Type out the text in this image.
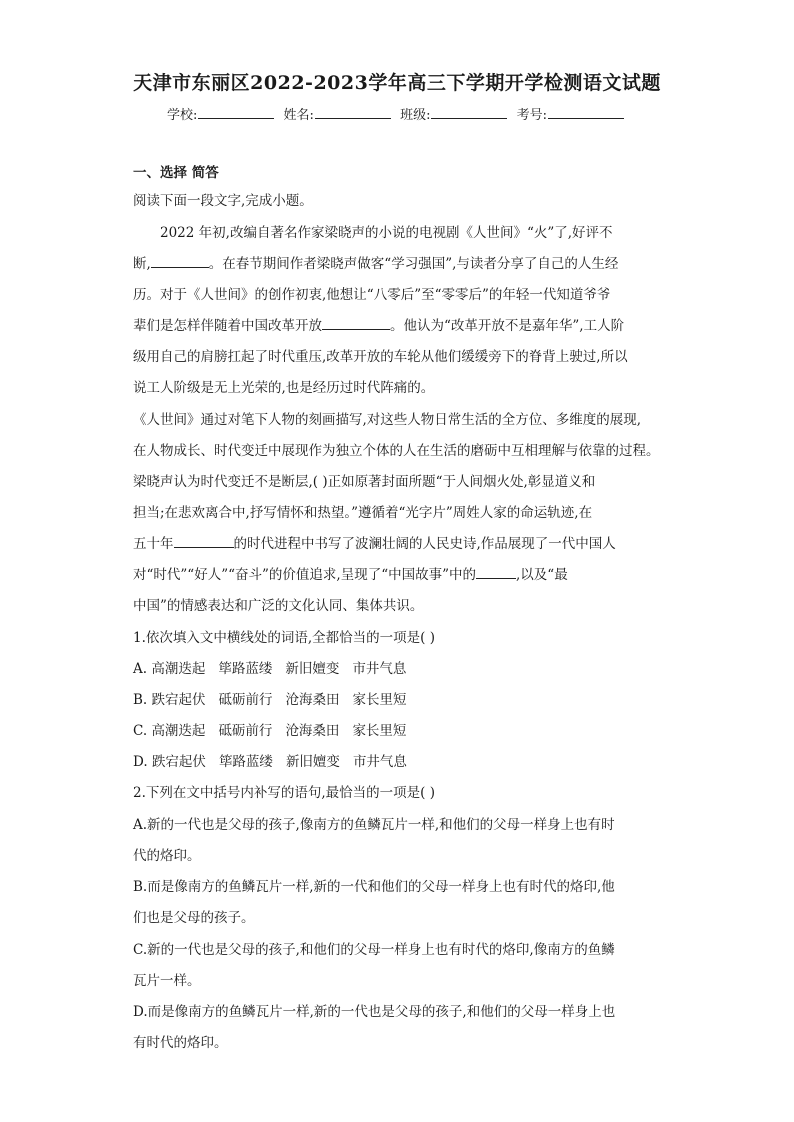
天津市东丽区2022-2023学年高三下学期开学检测语文试题
学校:	姓名:	班级:	考号:
一、选择 简答
阅读下面一段文字,完成小题。
2022 年初,改编自著名作家梁晓声的小说的电视剧《人世间》“火”了,好评不
断,	。在春节期间作者梁晓声做客“学习强国”,与读者分享了自己的人生经
历。对于《人世间》的创作初衷,他想让“八零后”至“零零后”的年轻一代知道爷爷
辈们是怎样伴随着中国改革开放	。他认为“改革开放不是嘉年华”,工人阶
级用自己的肩膀扛起了时代重压,改革开放的车轮从他们缓缓旁下的脊背上驶过,所以
说工人阶级是无上光荣的,也是经历过时代阵痛的。
《人世间》通过对笔下人物的刻画描写,对这些人物日常生活的全方位、多维度的展现,
在人物成长、时代变迁中展现作为独立个体的人在生活的磨砺中互相理解与依靠的过程。
梁晓声认为时代变迁不是断层,( )正如原著封面所题“于人间烟火处,彰显道义和
担当;在悲欢离合中,抒写情怀和热望。”遵循着“光字片”周姓人家的命运轨迹,在
五十年	的时代进程中书写了波澜壮阔的人民史诗,作品展现了一代中国人
对“时代”“好人”“奋斗”的价值追求,呈现了“中国故事”中的	,以及“最
中国”的情感表达和广泛的文化认同、集体共识。
1.依次填入文中横线处的词语,全都恰当的一项是( )
A. 高潮迭起 筚路蓝缕 新旧嬗变 市井气息
B. 跌宕起伏 砥砺前行 沧海桑田 家长里短
C. 高潮迭起 砥砺前行 沧海桑田 家长里短
D. 跌宕起伏 筚路蓝缕 新旧嬗变 市井气息
2.下列在文中括号内补写的语句,最恰当的一项是( )
A.新的一代也是父母的孩子,像南方的鱼鳞瓦片一样,和他们的父母一样身上也有时
代的烙印。
B.而是像南方的鱼鳞瓦片一样,新的一代和他们的父母一样身上也有时代的烙印,他
们也是父母的孩子。
C.新的一代也是父母的孩子,和他们的父母一样身上也有时代的烙印,像南方的鱼鳞
瓦片一样。
D.而是像南方的鱼鳞瓦片一样,新的一代也是父母的孩子,和他们的父母一样身上也
有时代的烙印。
